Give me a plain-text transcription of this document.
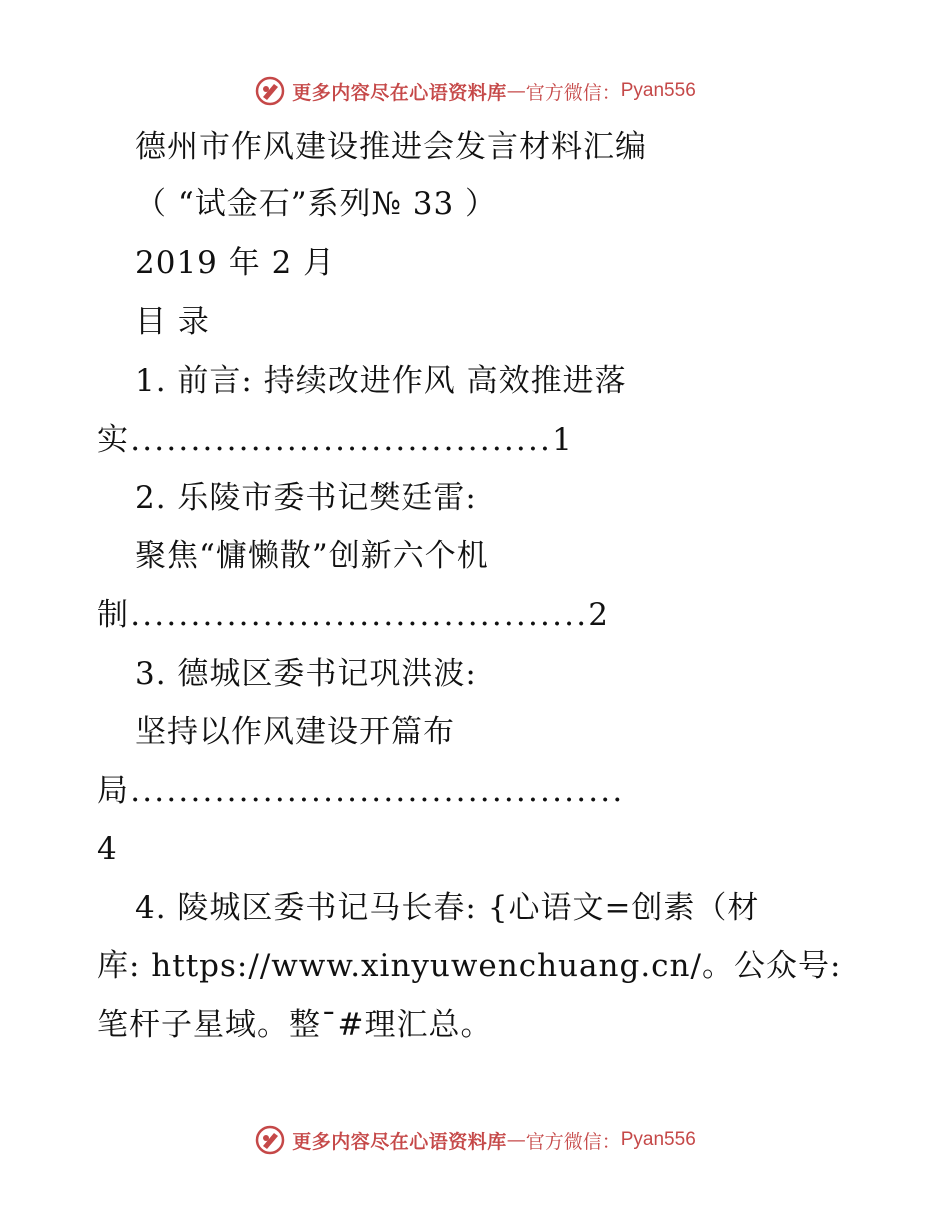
更多内容尽在心语资料库 — 官方微信： Pyan556
德州市作风建设推进会发言材料汇编
（ “试金石”系列№ 33 ）
2019 年 2 月
目 录
1. 前言: 持续改进作风 高效推进落
实...................................1
2. 乐陵市委书记樊廷雷:
聚焦“慵懒散”创新六个机
制......................................2
3. 德城区委书记巩洪波:
坚持以作风建设开篇布
局.........................................
4
4. 陵城区委书记马长春: {心语文=创素（材
库: https://www.xinyuwenchuang.cn/。公众号:
笔杆子星域。整¯#理汇总。
更多内容尽在心语资料库 — 官方微信： Pyan556
